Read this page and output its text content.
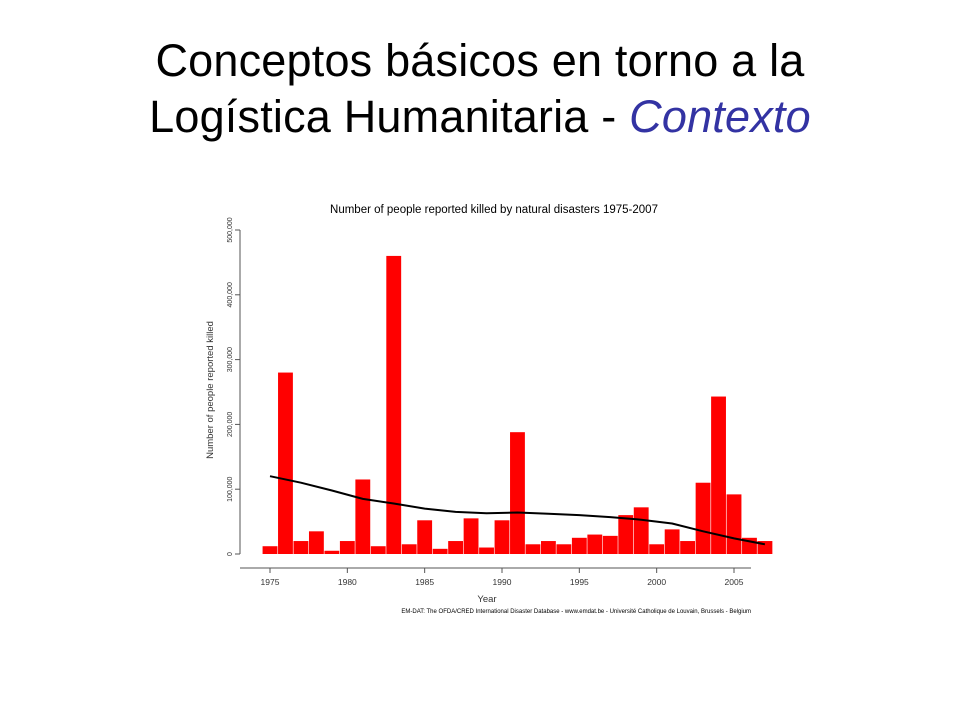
Conceptos básicos en torno a la
Logística Humanitaria - Contexto
Number of people reported killed by natural disasters 1975-2007
Number of people reported killed
Year
EM-DAT: The OFDA/CRED International Disaster Database - www.emdat.be - Université Catholique de Louvain, Brussels - Belgium
0
100,000
200,000
300,000
400,000
500,000
1975	1980	1985	1990	1995	2000	2005
